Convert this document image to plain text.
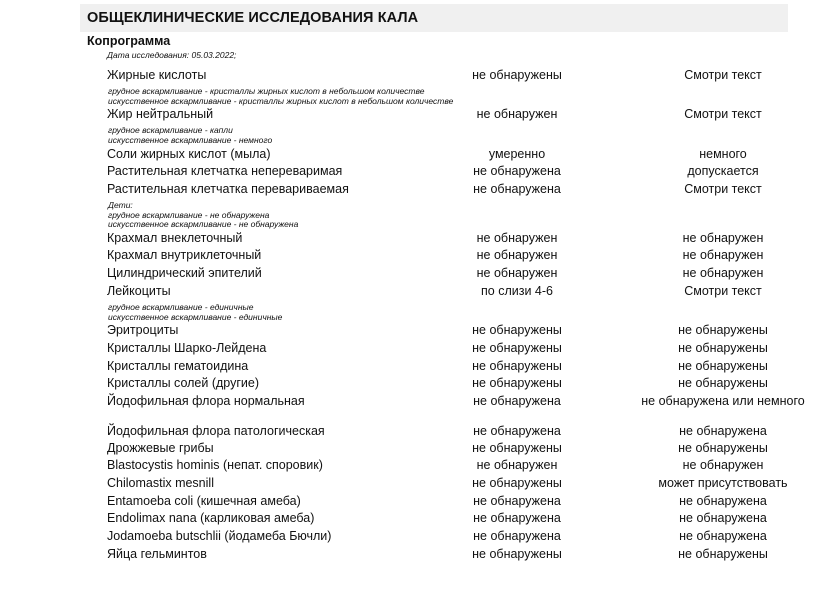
ОБЩЕКЛИНИЧЕСКИЕ ИССЛЕДОВАНИЯ КАЛА
Копрограмма
Дата исследования: 05.03.2022;
Жирные кислоты	не обнаружены	Смотри текст
грудное вскармливание - кристаллы жирных кислот в небольшом количестве
искусственное вскармливание - кристаллы жирных кислот в небольшом количестве
Жир нейтральный	не обнаружен	Смотри текст
грудное вскармливание - капли
искусственное вскармливание - немного
Соли жирных кислот (мыла)	умеренно	немного
Растительная клетчатка непереваримая	не обнаружена	допускается
Растительная клетчатка перевариваемая	не обнаружена	Смотри текст
Дети:
грудное вскармливание - не обнаружена
искусственное вскармливание - не обнаружена
Крахмал внеклеточный	не обнаружен	не обнаружен
Крахмал внутриклеточный	не обнаружен	не обнаружен
Цилиндрический эпителий	не обнаружен	не обнаружен
Лейкоциты	по слизи 4-6	Смотри текст
грудное вскармливание - единичные
искусственное вскармливание - единичные
Эритроциты	не обнаружены	не обнаружены
Кристаллы Шарко-Лейдена	не обнаружены	не обнаружены
Кристаллы гематоидина	не обнаружены	не обнаружены
Кристаллы солей (другие)	не обнаружены	не обнаружены
Йодофильная флора нормальная	не обнаружена	не обнаружена или немного
Йодофильная флора патологическая	не обнаружена	не обнаружена
Дрожжевые грибы	не обнаружены	не обнаружены
Blastocystis hominis (непат. споровик)	не обнаружен	не обнаружен
Chilomastix mesnill	не обнаружены	может присутствовать
Entamoeba coli (кишечная амеба)	не обнаружена	не обнаружена
Endolimax nana (карликовая амеба)	не обнаружена	не обнаружена
Jodamoeba butschlii (йодамеба Бючли)	не обнаружена	не обнаружена
Яйца гельминтов	не обнаружены	не обнаружены
